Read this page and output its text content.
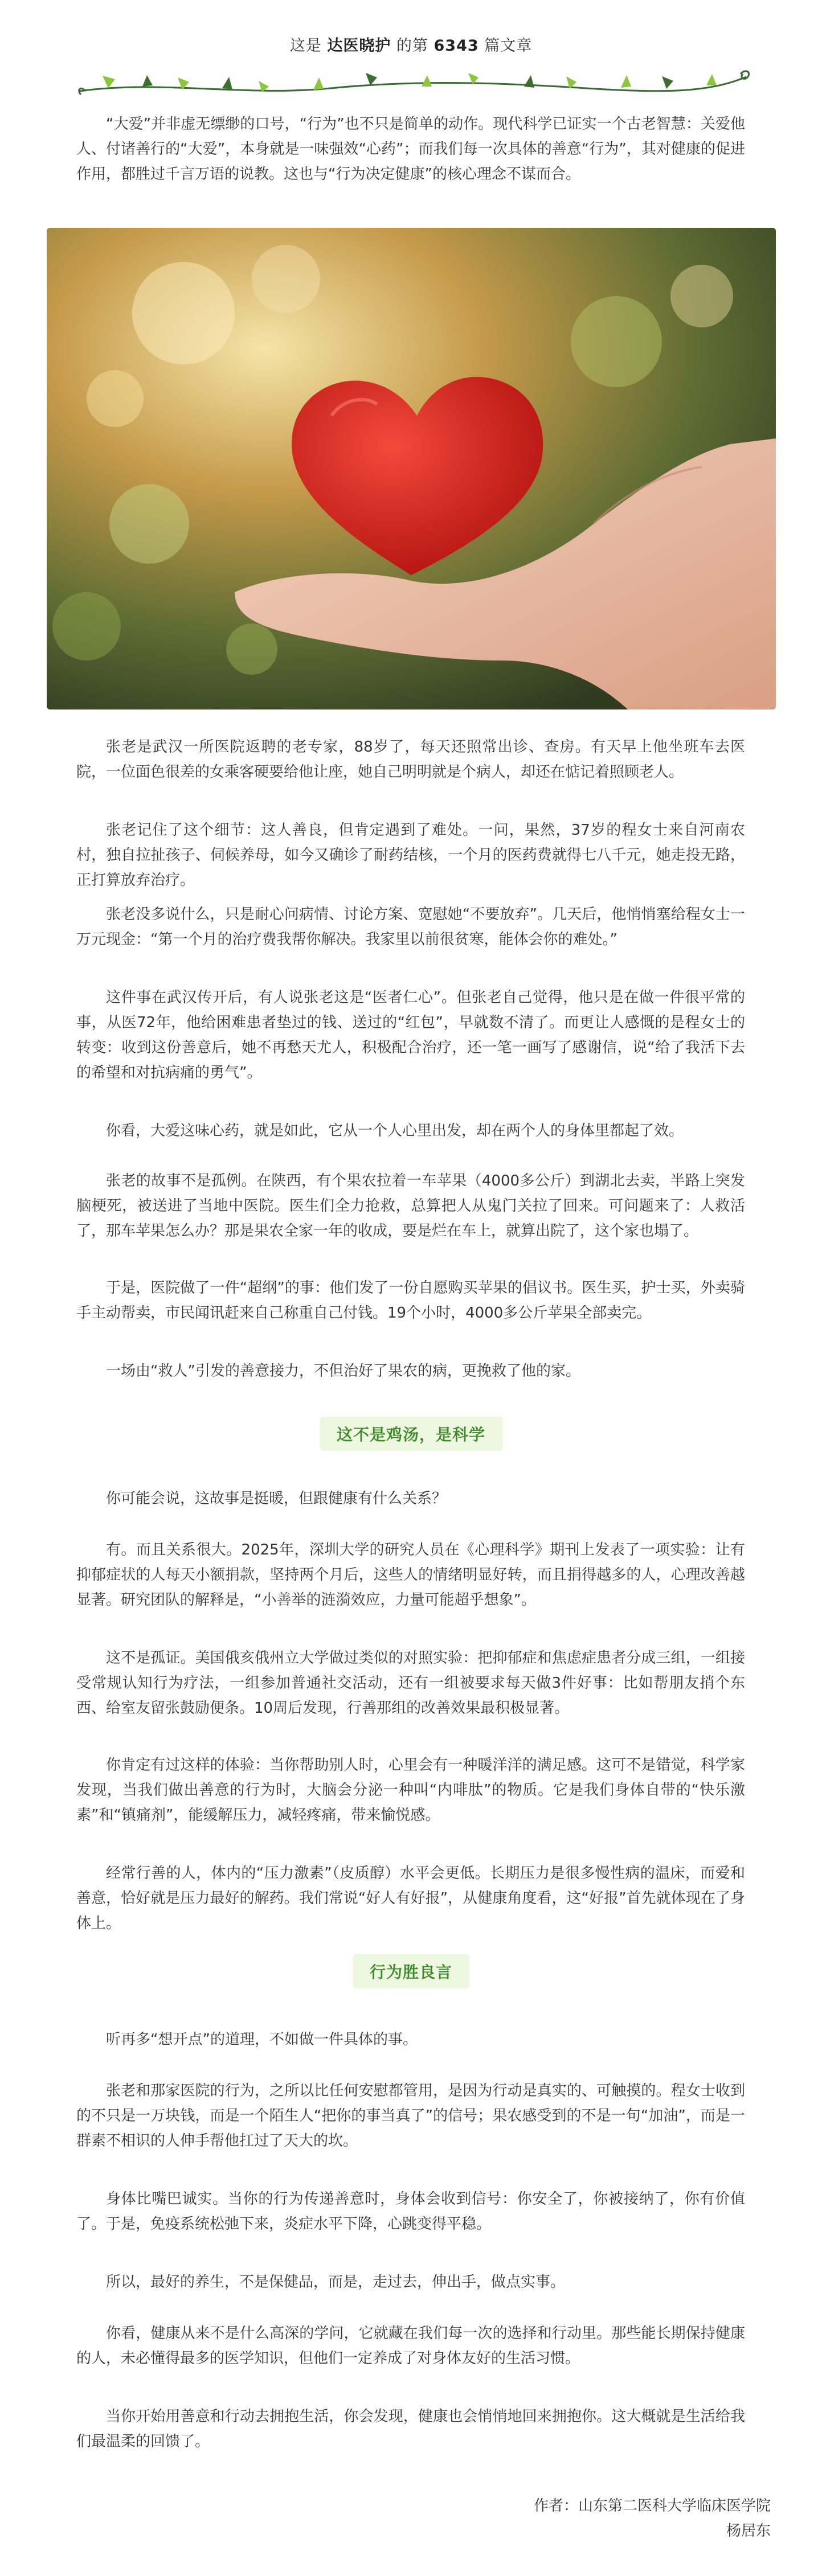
这是 达医晓护 的第 6343 篇文章

“大爱”并非虚无缥缈的口号，“行为”也不只是简单的动作。现代科学已证实一个古老智慧：关爱他人、付诸善行的“大爱”，本身就是一味强效“心药”；而我们每一次具体的善意“行为”，其对健康的促进作用，都胜过千言万语的说教。这也与“行为决定健康”的核心理念不谋而合。

张老是武汉一所医院返聘的老专家，88岁了，每天还照常出诊、查房。有天早上他坐班车去医院，一位面色很差的女乘客硬要给他让座，她自己明明就是个病人，却还在惦记着照顾老人。

张老记住了这个细节：这人善良，但肯定遇到了难处。一问，果然，37岁的程女士来自河南农村，独自拉扯孩子、伺候养母，如今又确诊了耐药结核，一个月的医药费就得七八千元，她走投无路，正打算放弃治疗。

张老没多说什么，只是耐心问病情、讨论方案、宽慰她“不要放弃”。几天后，他悄悄塞给程女士一万元现金：“第一个月的治疗费我帮你解决。我家里以前很贫寒，能体会你的难处。”

这件事在武汉传开后，有人说张老这是“医者仁心”。但张老自己觉得，他只是在做一件很平常的事，从医72年，他给困难患者垫过的钱、送过的“红包”，早就数不清了。而更让人感慨的是程女士的转变：收到这份善意后，她不再愁天尤人，积极配合治疗，还一笔一画写了感谢信，说“给了我活下去的希望和对抗病痛的勇气”。

你看，大爱这味心药，就是如此，它从一个人心里出发，却在两个人的身体里都起了效。

张老的故事不是孤例。在陕西，有个果农拉着一车苹果（4000多公斤）到湖北去卖，半路上突发脑梗死，被送进了当地中医院。医生们全力抢救，总算把人从鬼门关拉了回来。可问题来了：人救活了，那车苹果怎么办？那是果农全家一年的收成，要是烂在车上，就算出院了，这个家也塌了。

于是，医院做了一件“超纲”的事：他们发了一份自愿购买苹果的倡议书。医生买，护士买，外卖骑手主动帮卖，市民闻讯赶来自己称重自己付钱。19个小时，4000多公斤苹果全部卖完。

一场由“救人”引发的善意接力，不但治好了果农的病，更挽救了他的家。

这不是鸡汤，是科学

你可能会说，这故事是挺暖，但跟健康有什么关系？

有。而且关系很大。2025年，深圳大学的研究人员在《心理科学》期刊上发表了一项实验：让有抑郁症状的人每天小额捐款，坚持两个月后，这些人的情绪明显好转，而且捐得越多的人，心理改善越显著。研究团队的解释是，“小善举的涟漪效应，力量可能超乎想象”。

这不是孤证。美国俄亥俄州立大学做过类似的对照实验：把抑郁症和焦虑症患者分成三组，一组接受常规认知行为疗法，一组参加普通社交活动，还有一组被要求每天做3件好事：比如帮朋友捎个东西、给室友留张鼓励便条。10周后发现，行善那组的改善效果最积极显著。

你肯定有过这样的体验：当你帮助别人时，心里会有一种暖洋洋的满足感。这可不是错觉，科学家发现，当我们做出善意的行为时，大脑会分泌一种叫“内啡肽”的物质。它是我们身体自带的“快乐激素”和“镇痛剂”，能缓解压力，减轻疼痛，带来愉悦感。

经常行善的人，体内的“压力激素”（皮质醇）水平会更低。长期压力是很多慢性病的温床，而爱和善意，恰好就是压力最好的解药。我们常说“好人有好报”，从健康角度看，这“好报”首先就体现在了身体上。

行为胜良言

听再多“想开点”的道理，不如做一件具体的事。

张老和那家医院的行为，之所以比任何安慰都管用，是因为行动是真实的、可触摸的。程女士收到的不只是一万块钱，而是一个陌生人“把你的事当真了”的信号；果农感受到的不是一句“加油”，而是一群素不相识的人伸手帮他扛过了天大的坎。

身体比嘴巴诚实。当你的行为传递善意时，身体会收到信号：你安全了，你被接纳了，你有价值了。于是，免疫系统松弛下来，炎症水平下降，心跳变得平稳。

所以，最好的养生，不是保健品，而是，走过去，伸出手，做点实事。

你看，健康从来不是什么高深的学问，它就藏在我们每一次的选择和行动里。那些能长期保持健康的人，未必懂得最多的医学知识，但他们一定养成了对身体友好的生活习惯。

当你开始用善意和行动去拥抱生活，你会发现，健康也会悄悄地回来拥抱你。这大概就是生活给我们最温柔的回馈了。

作者：山东第二医科大学临床医学院
杨居东
